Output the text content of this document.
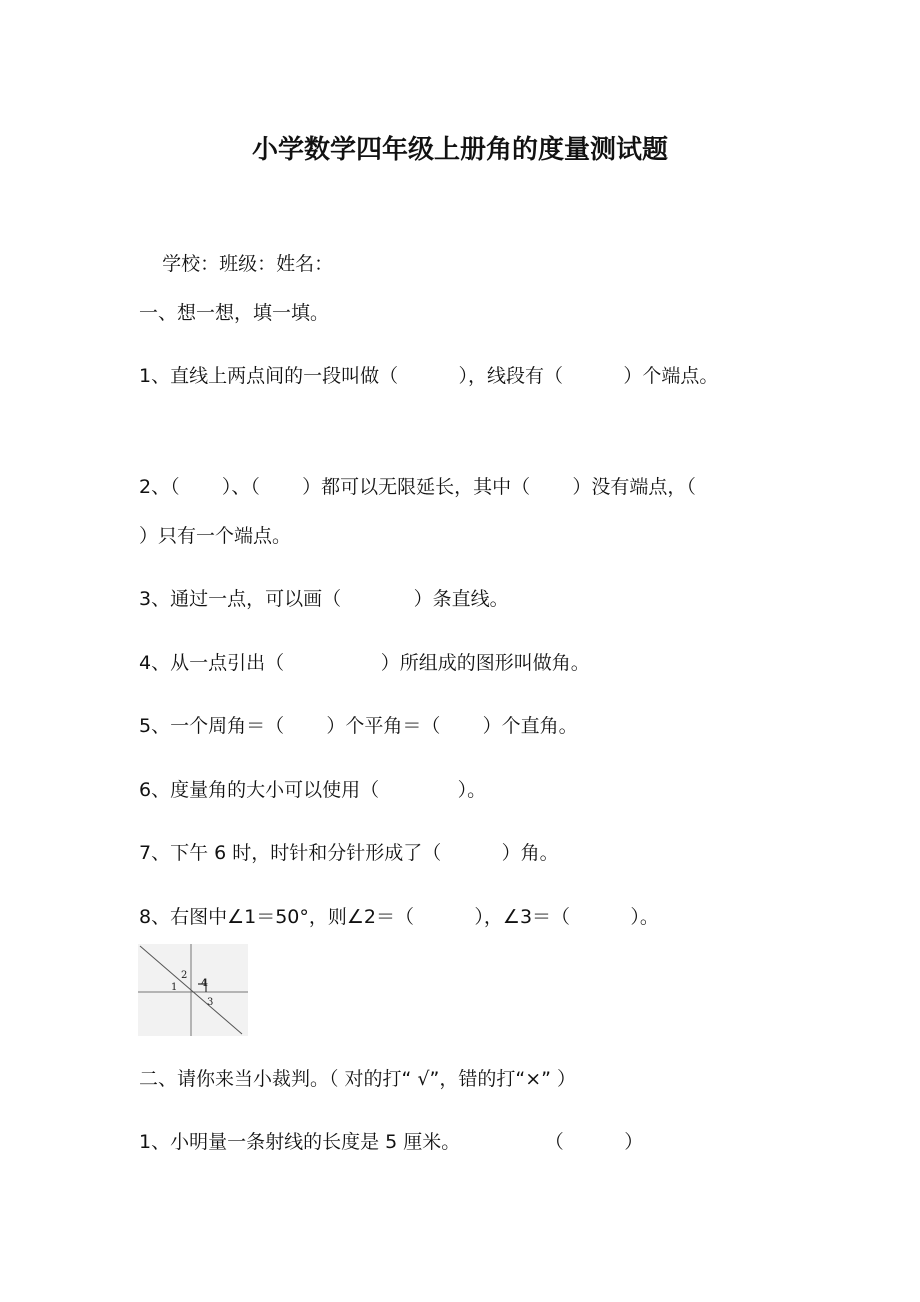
小学数学四年级上册角的度量测试题

学校：班级：姓名：

一、想一想，填一填。
1、直线上两点间的一段叫做（          ），线段有（          ）个端点。
2、（       ）、（       ）都可以无限延长，其中（       ）没有端点，（
）只有一个端点。
3、通过一点，可以画（            ）条直线。
4、从一点引出（                ）所组成的图形叫做角。
5、一个周角＝（       ）个平角＝（       ）个直角。
6、度量角的大小可以使用（             ）。
7、下午 6 时，时针和分针形成了（          ）角。
8、右图中∠1＝50°，则∠2＝（          ），∠3＝（          ）。
1
2
3
4
二、请你来当小裁判。（ 对的打“ √”，错的打“×” ）
1、小明量一条射线的长度是 5 厘米。              （          ）
